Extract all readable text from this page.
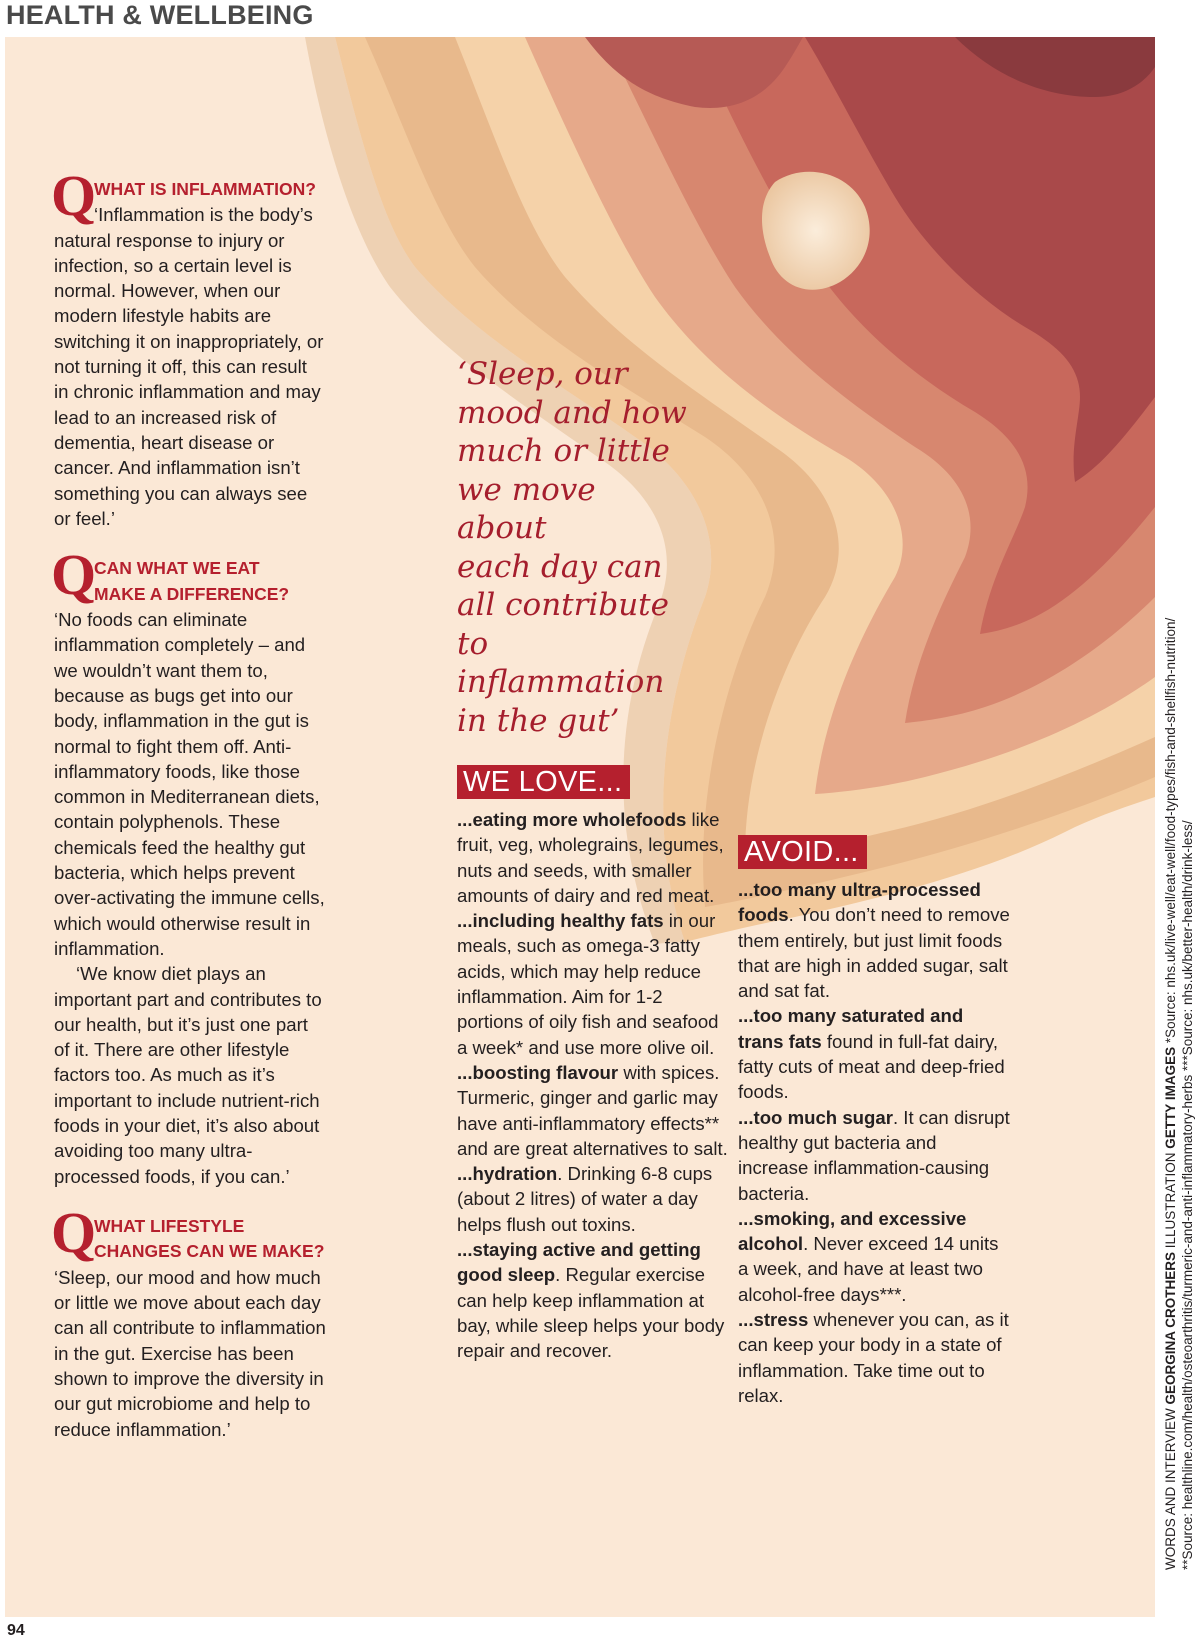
HEALTH & WELLBEING
Q
WHAT IS INFLAMMATION?

‘Inflammation is the body’s natural response to injury or infection, so a certain level is normal. However, when our modern lifestyle habits are switching it on inappropriately, or not turning it off, this can result in chronic inflammation and may lead to an increased risk of dementia, heart disease or cancer. And inflammation isn’t something you can always see or feel.’

Q
CAN WHAT WE EAT
MAKE A DIFFERENCE?

‘No foods can eliminate inflammation completely – and we wouldn’t want them to, because as bugs get into our body, inflammation in the gut is normal to fight them off. Anti-inflammatory foods, like those common in Mediterranean diets, contain polyphenols. These chemicals feed the healthy gut bacteria, which helps prevent over-activating the immune cells, which would otherwise result in inflammation.

‘We know diet plays an important part and contributes to our health, but it’s just one part of it. There are other lifestyle factors too. As much as it’s important to include nutrient-rich foods in your diet, it’s also about avoiding too many ultra-processed foods, if you can.’

Q
WHAT LIFESTYLE
CHANGES CAN WE MAKE?

‘Sleep, our mood and how much or little we move about each day can all contribute to inflammation in the gut. Exercise has been shown to improve the diversity in our gut microbiome and help to reduce inflammation.’

‘Sleep, our
mood and how
much or little
we move about
each day can
all contribute to
inflammation
in the gut’
WE LOVE...

...eating more wholefoods like fruit, veg, wholegrains, legumes, nuts and seeds, with smaller amounts of dairy and red meat.

...including healthy fats in our meals, such as omega-3 fatty acids, which may help reduce inflammation. Aim for 1-2 portions of oily fish and seafood a week* and use more olive oil.

...boosting flavour with spices. Turmeric, ginger and garlic may have anti-inflammatory effects** and are great alternatives to salt.

...hydration. Drinking 6-8 cups (about 2 litres) of water a day helps flush out toxins.

...staying active and getting good sleep. Regular exercise can help keep inflammation at bay, while sleep helps your body repair and recover.

AVOID...

...too many ultra-processed foods. You don’t need to remove them entirely, but just limit foods that are high in added sugar, salt and sat fat.

...too many saturated and trans fats found in full-fat dairy, fatty cuts of meat and deep-fried foods.

...too much sugar. It can disrupt healthy gut bacteria and increase inflammation-causing bacteria.

...smoking, and excessive alcohol. Never exceed 14 units a week, and have at least two alcohol-free days***.

...stress whenever you can, as it can keep your body in a state of inflammation. Take time out to relax.

WORDS AND INTERVIEW GEORGINA CROTHERS ILLUSTRATION GETTY IMAGES *Source: nhs.uk/live-well/eat-well/food-types/fish-and-shellfish-nutrition/ **Source: healthline.com/health/osteoarthritis/turmeric-and-anti-inflammatory-herbs ***Source: nhs.uk/better-health/drink-less/
94
